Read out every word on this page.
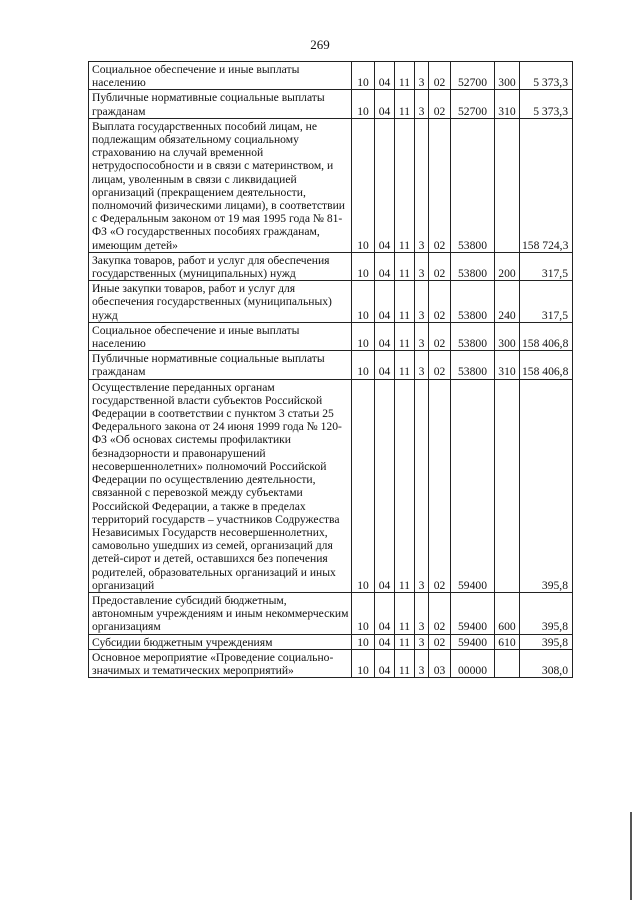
269
Социальное обеспечение и иные выплаты населению	10	04	11	3	02	52700	300	5 373,3

Публичные нормативные социальные выплаты гражданам	10	04	11	3	02	52700	310	5 373,3

Выплата государственных пособий лицам, не подлежащим обязательному социальному страхованию на случай временной нетрудоспособности и в связи с материнством, и лицам, уволенным в связи с ликвидацией организаций (прекращением деятельности, полномочий физическими лицами), в соответствии с Федеральным законом от 19 мая 1995 года № 81-ФЗ «О государственных пособиях гражданам, имеющим детей»	10	04	11	3	02	53800		158 724,3

Закупка товаров, работ и услуг для обеспечения государственных (муниципальных) нужд	10	04	11	3	02	53800	200	317,5

Иные закупки товаров, работ и услуг для обеспечения государственных (муниципальных) нужд	10	04	11	3	02	53800	240	317,5

Социальное обеспечение и иные выплаты населению	10	04	11	3	02	53800	300	158 406,8

Публичные нормативные социальные выплаты гражданам	10	04	11	3	02	53800	310	158 406,8

Осуществление переданных органам государственной власти субъектов Российской Федерации в соответствии с пунктом 3 статьи 25 Федерального закона от 24 июня 1999 года № 120-ФЗ «Об основах системы профилактики безнадзорности и правонарушений несовершеннолетних» полномочий Российской Федерации по осуществлению деятельности, связанной с перевозкой между субъектами Российской Федерации, а также в пределах территорий государств – участников Содружества Независимых Государств несовершеннолетних, самовольно ушедших из семей, организаций для детей-сирот и детей, оставшихся без попечения родителей, образовательных организаций и иных организаций	10	04	11	3	02	59400		395,8

Предоставление субсидий бюджетным, автономным учреждениям и иным некоммерческим организациям	10	04	11	3	02	59400	600	395,8

Субсидии бюджетным учреждениям	10	04	11	3	02	59400	610	395,8

Основное мероприятие «Проведение социально-значимых и тематических мероприятий»	10	04	11	3	03	00000		308,0
